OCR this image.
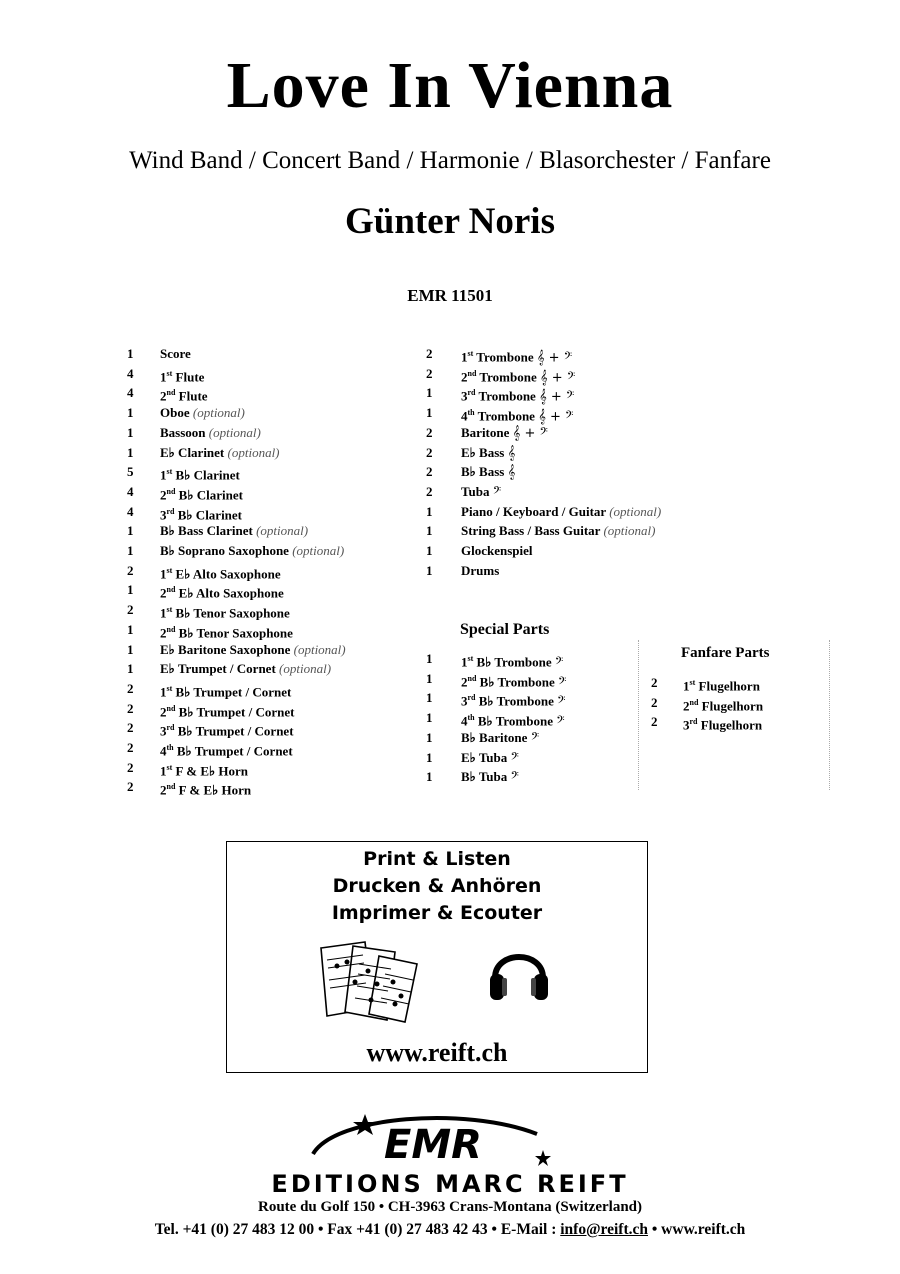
Love In Vienna
Wind Band / Concert Band / Harmonie / Blasorchester / Fanfare
Günter Noris
EMR 11501
1 Score
4 1st Flute
4 2nd Flute
1 Oboe (optional)
1 Bassoon (optional)
1 E♭ Clarinet (optional)
5 1st B♭ Clarinet
4 2nd B♭ Clarinet
4 3rd B♭ Clarinet
1 B♭ Bass Clarinet (optional)
1 B♭ Soprano Saxophone (optional)
2 1st E♭ Alto Saxophone
1 2nd E♭ Alto Saxophone
2 1st B♭ Tenor Saxophone
1 2nd B♭ Tenor Saxophone
1 E♭ Baritone Saxophone (optional)
1 E♭ Trumpet / Cornet (optional)
2 1st B♭ Trumpet / Cornet
2 2nd B♭ Trumpet / Cornet
2 3rd B♭ Trumpet / Cornet
2 4th B♭ Trumpet / Cornet
2 1st F & E♭ Horn
2 2nd F & E♭ Horn
2 1st Trombone 𝄞 + 𝄢
2 2nd Trombone 𝄞 + 𝄢
1 3rd Trombone 𝄞 + 𝄢
1 4th Trombone 𝄞 + 𝄢
2 Baritone 𝄞 + 𝄢
2 E♭ Bass 𝄞
2 B♭ Bass 𝄞
2 Tuba 𝄢
1 Piano / Keyboard / Guitar (optional)
1 String Bass / Bass Guitar (optional)
1 Glockenspiel
1 Drums
Special Parts
1 1st B♭ Trombone 𝄢
1 2nd B♭ Trombone 𝄢
1 3rd B♭ Trombone 𝄢
1 4th B♭ Trombone 𝄢
1 B♭ Baritone 𝄢
1 E♭ Tuba 𝄢
1 B♭ Tuba 𝄢
Fanfare Parts
2 1st Flugelhorn
2 2nd Flugelhorn
2 3rd Flugelhorn
Print & Listen
Drucken & Anhören
Imprimer & Ecouter
www.reift.ch
EMR
EDITIONS MARC REIFT
Route du Golf 150 • CH-3963 Crans-Montana (Switzerland)
Tel. +41 (0) 27 483 12 00 • Fax +41 (0) 27 483 42 43 • E-Mail : info@reift.ch • www.reift.ch
